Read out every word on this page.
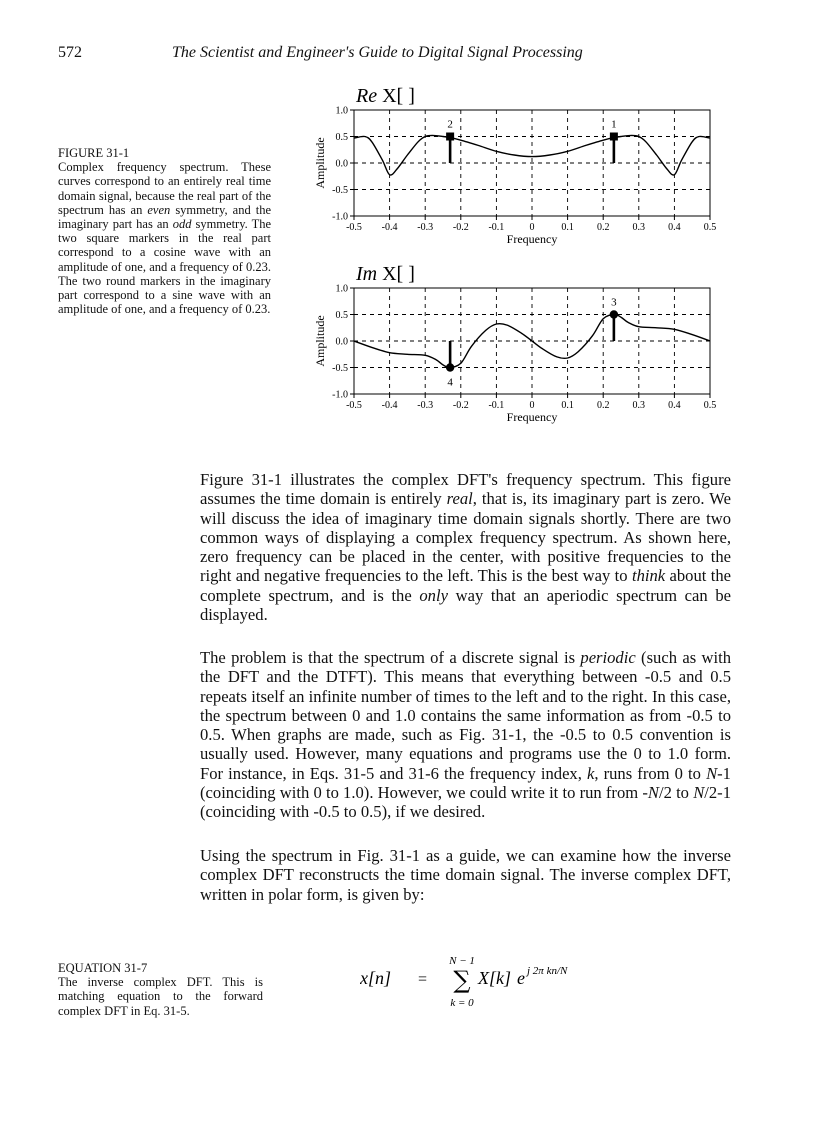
572	The Scientist and Engineer's Guide to Digital Signal Processing
FIGURE 31-1
Complex frequency spectrum. These curves correspond to an entirely real time domain signal, because the real part of the spectrum has an even symmetry, and the imaginary part has an odd symmetry. The two square markers in the real part correspond to a cosine wave with an amplitude of one, and a frequency of 0.23. The two round markers in the imaginary part correspond to a sine wave with an amplitude of one, and a frequency of 0.23.
Re X[ ]
1.0
0.5
0.0
-0.5
-1.0
-0.5 -0.4 -0.3 -0.2 -0.1	0	0.1 0.2 0.3 0.4 0.5
Frequency
Amplitude
2	1
Im X[ ]
1.0
0.5
0.0
-0.5
-1.0
-0.5 -0.4 -0.3 -0.2 -0.1	0	0.1 0.2 0.3 0.4 0.5
Frequency
Amplitude
4
3

Figure 31-1 illustrates the complex DFT's frequency spectrum. This figure assumes the time domain is entirely real, that is, its imaginary part is zero. We will discuss the idea of imaginary time domain signals shortly. There are two common ways of displaying a complex frequency spectrum. As shown here, zero frequency can be placed in the center, with positive frequencies to the right and negative frequencies to the left. This is the best way to think about the complete spectrum, and is the only way that an aperiodic spectrum can be displayed.

The problem is that the spectrum of a discrete signal is periodic (such as with the DFT and the DTFT). This means that everything between -0.5 and 0.5 repeats itself an infinite number of times to the left and to the right. In this case, the spectrum between 0 and 1.0 contains the same information as from -0.5 to 0.5. When graphs are made, such as Fig. 31-1, the -0.5 to 0.5 convention is usually used. However, many equations and programs use the 0 to 1.0 form. For instance, in Eqs. 31-5 and 31-6 the frequency index, k, runs from 0 to N-1 (coinciding with 0 to 1.0). However, we could write it to run from -N/2 to N/2-1 (coinciding with -0.5 to 0.5), if we desired.

Using the spectrum in Fig. 31-1 as a guide, we can examine how the inverse complex DFT reconstructs the time domain signal. The inverse complex DFT, written in polar form, is given by:

EQUATION 31-7
The inverse complex DFT. This is matching equation to the forward complex DFT in Eq. 31-5.
x[n] =
N − 1
∑
k = 0
X[k] e j 2π kn/N
